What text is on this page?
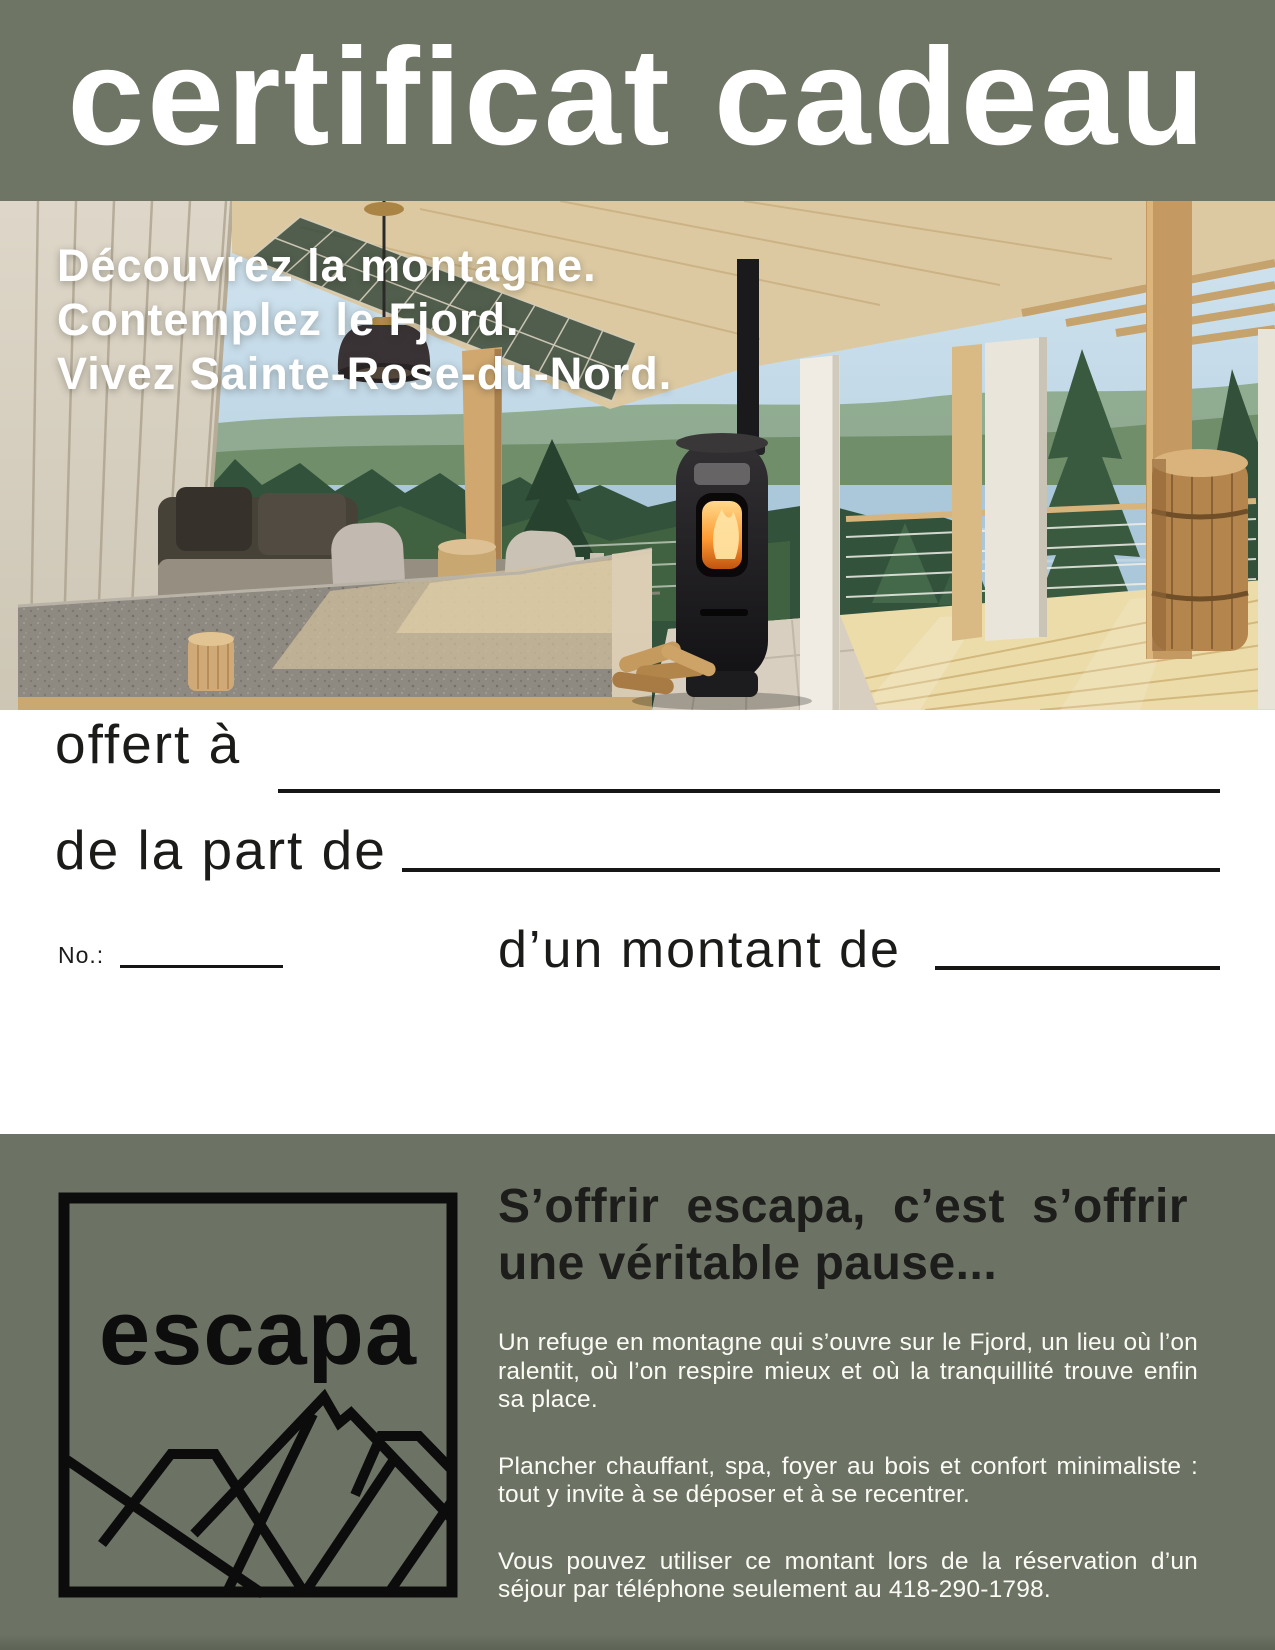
certificat cadeau
Découvrez la montagne.
Contemplez le Fjord.
Vivez Sainte-Rose-du-Nord.
offert à
de la part de
No.:	d’un montant de
escapa
S’offrir escapa, c’est s’offrir
une véritable pause...

Un refuge en montagne qui s’ouvre sur le Fjord, un lieu où l’on ralentit, où l’on respire mieux et où la tranquillité trouve enfin sa place.

Plancher chauffant, spa, foyer au bois et confort minimaliste : tout y invite à se déposer et à se recentrer.

Vous pouvez utiliser ce montant lors de la réservation d’un séjour par téléphone seulement au 418-290-1798.
